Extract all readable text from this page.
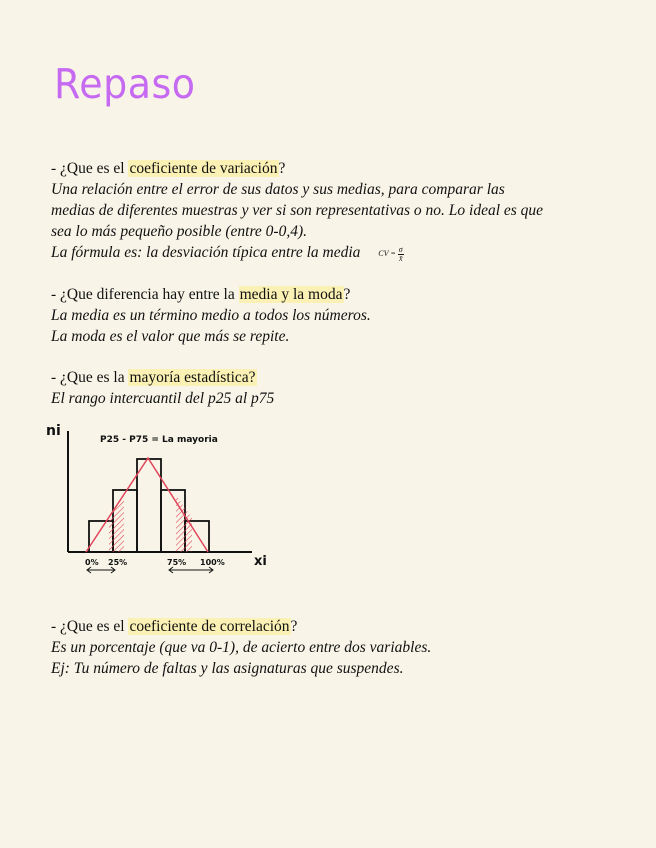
Repaso
- ¿Que es el coeficiente de variación?
Una relación entre el error de sus datos y sus medias, para comparar las
medias de diferentes muestras y ver si son representativas o no. Lo ideal es que
sea lo más pequeño posible (entre 0-0,4).
La fórmula es: la desviación típica entre la media CV = $\frac{\sigma}{x̄}$
- ¿Que diferencia hay entre la media y la moda?
La media es un término medio a todos los números.
La moda es el valor que más se repite.
- ¿Que es la mayoría estadística?
El rango intercuantil del p25 al p75
ni
xi
P25 - P75 = La mayoria
0% 25%	75% 100%
- ¿Que es el coeficiente de correlación?
Es un porcentaje (que va 0-1), de acierto entre dos variables.
Ej: Tu número de faltas y las asignaturas que suspendes.
